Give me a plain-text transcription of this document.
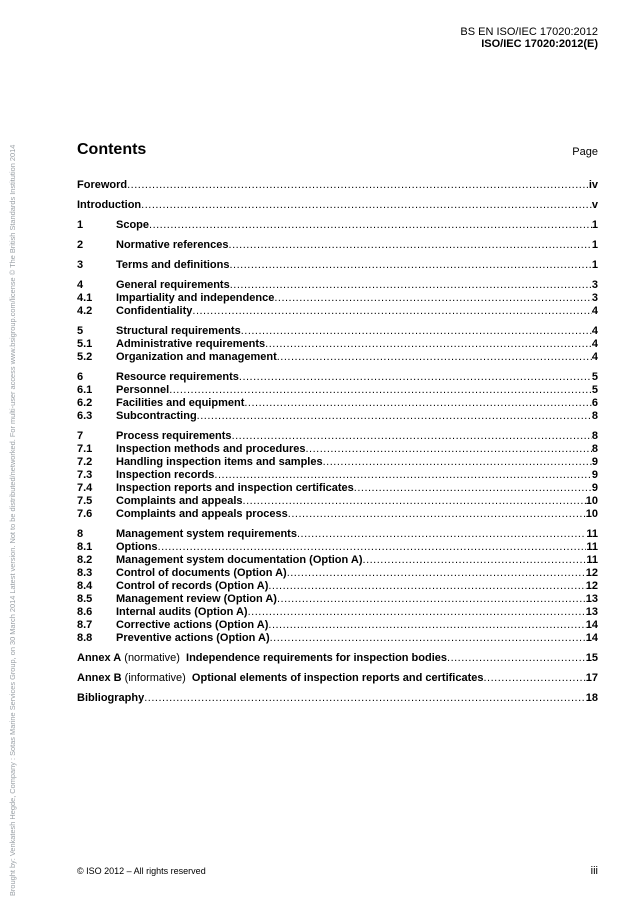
Brought by: Venkatesh Hegde, Company : Sotas Marine Services Group, on 30 March 2014 Latest version. Not to be distributed/networked. For multi-user access www.bsigroup.com/license © The British Standards Institution 2014
BS EN ISO/IEC 17020:2012
ISO/IEC 17020:2012(E)
Contents	Page
Foreword .....	iv
Introduction .....	v
1	Scope .....	1
2	Normative references .....	1
3	Terms and definitions .....	1
4	General requirements .....	3
4.1	Impartiality and independence .....	3
4.2	Confidentiality .....	4
5	Structural requirements .....	4
5.1	Administrative requirements .....	4
5.2	Organization and management .....	4
6	Resource requirements .....	5
6.1	Personnel .....	5
6.2	Facilities and equipment .....	6
6.3	Subcontracting .....	8
7	Process requirements .....	8
7.1	Inspection methods and procedures .....	8
7.2	Handling inspection items and samples .....	9
7.3	Inspection records .....	9
7.4	Inspection reports and inspection certificates .....	9
7.5	Complaints and appeals .....	10
7.6	Complaints and appeals process .....	10
8	Management system requirements .....	11
8.1	Options .....	11
8.2	Management system documentation (Option A) .....	11
8.3	Control of documents (Option A) .....	12
8.4	Control of records (Option A) .....	12
8.5	Management review (Option A) .....	13
8.6	Internal audits (Option A) .....	13
8.7	Corrective actions (Option A) .....	14
8.8	Preventive actions (Option A) .....	14
Annex A (normative)  Independence requirements for inspection bodies .....	15
Annex B (informative)  Optional elements of inspection reports and certificates .....	17
Bibliography .....	18
© ISO 2012 – All rights reserved	iii
